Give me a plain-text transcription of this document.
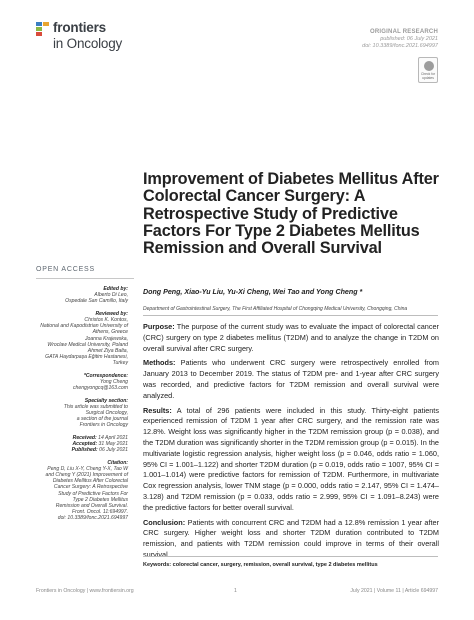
frontiers
in Oncology
ORIGINAL RESEARCH
published: 06 July 2021
doi: 10.3389/fonc.2021.694997
Check for updates
Improvement of Diabetes Mellitus After Colorectal Cancer Surgery: A Retrospective Study of Predictive Factors For Type 2 Diabetes Mellitus Remission and Overall Survival
OPEN ACCESS
Dong Peng, Xiao-Yu Liu, Yu-Xi Cheng, Wei Tao and Yong Cheng *
Department of Gastrointestinal Surgery, The First Affiliated Hospital of Chongqing Medical University, Chongqing, China
Edited by:
Alberto Di Leo,
Ospedale San Camillo, Italy
Reviewed by:
Christos K. Kontos,
National and Kapodistrian University of
Athens, Greece
Joanna Krajewska,
Wroclaw Medical University, Poland
Ahmet Ziya Balta,
GATA Haydarpaşa Eğitim Hastanesi,
Turkey
*Correspondence:
Yong Cheng
chengyongcq@163.com
Specialty section:
This article was submitted to
Surgical Oncology,
a section of the journal
Frontiers in Oncology
Received: 14 April 2021
Accepted: 31 May 2021
Published: 06 July 2021
Citation:
Peng D, Liu X-Y, Cheng Y-X, Tao W
and Cheng Y (2021) Improvement of
Diabetes Mellitus After Colorectal
Cancer Surgery: A Retrospective
Study of Predictive Factors For
Type 2 Diabetes Mellitus
Remission and Overall Survival.
Front. Oncol. 11:694997.
doi: 10.3389/fonc.2021.694997

Purpose: The purpose of the current study was to evaluate the impact of colorectal cancer (CRC) surgery on type 2 diabetes mellitus (T2DM) and to analyze the change in T2DM on overall survival after CRC surgery.

Methods: Patients who underwent CRC surgery were retrospectively enrolled from January 2013 to December 2019. The status of T2DM pre- and 1-year after CRC surgery was recorded, and predictive factors for T2DM remission and overall survival were analyzed.

Results: A total of 296 patients were included in this study. Thirty-eight patients experienced remission of T2DM 1 year after CRC surgery, and the remission rate was 12.8%. Weight loss was significantly higher in the T2DM remission group (p = 0.038), and the T2DM duration was significantly shorter in the T2DM remission group (p = 0.015). In the multivariate logistic regression analysis, higher weight loss (p = 0.046, odds ratio = 1.060, 95% CI = 1.001–1.122) and shorter T2DM duration (p = 0.019, odds ratio = 1007, 95% CI = 1.001–1.014) were predictive factors for remission of T2DM. Furthermore, in multivariate Cox regression analysis, lower TNM stage (p = 0.000, odds ratio = 2.147, 95% CI = 1.474–3.128) and T2DM remission (p = 0.033, odds ratio = 2.999, 95% CI = 1.091–8.243) were the predictive factors for better overall survival.

Conclusion: Patients with concurrent CRC and T2DM had a 12.8% remission 1 year after CRC surgery. Higher weight loss and shorter T2DM duration contributed to T2DM remission, and patients with T2DM remission could improve in terms of their overall survival.

Keywords: colorectal cancer, surgery, remission, overall survival, type 2 diabetes mellitus
Frontiers in Oncology | www.frontiersin.org	1	July 2021 | Volume 11 | Article 694997
